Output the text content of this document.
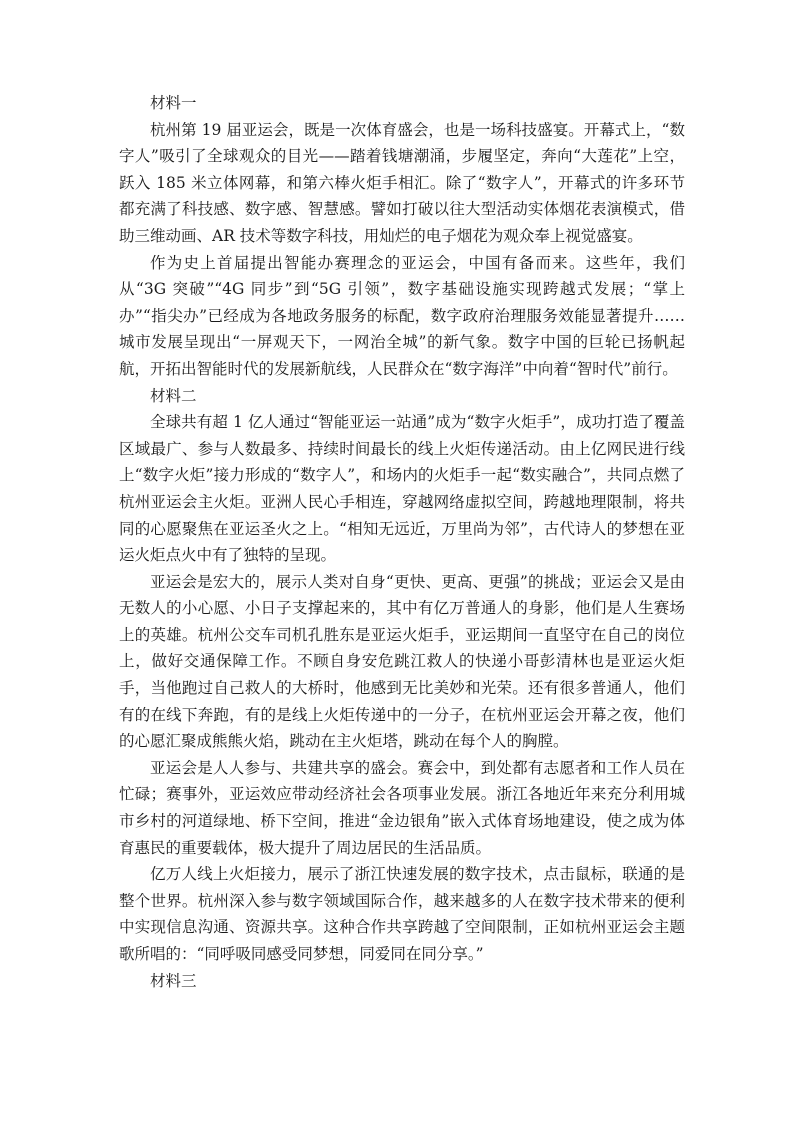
材料一

杭州第 19 届亚运会，既是一次体育盛会，也是一场科技盛宴。开幕式上，“数字人”吸引了全球观众的目光——踏着钱塘潮涌，步履坚定，奔向“大莲花”上空，跃入 185 米立体网幕，和第六棒火炬手相汇。除了“数字人”，开幕式的许多环节都充满了科技感、数字感、智慧感。譬如打破以往大型活动实体烟花表演模式，借助三维动画、AR 技术等数字科技，用灿烂的电子烟花为观众奉上视觉盛宴。

作为史上首届提出智能办赛理念的亚运会，中国有备而来。这些年，我们从“3G 突破”“4G 同步”到“5G 引领”，数字基础设施实现跨越式发展；“掌上办”“指尖办”已经成为各地政务服务的标配，数字政府治理服务效能显著提升……城市发展呈现出“一屏观天下，一网治全城”的新气象。数字中国的巨轮已扬帆起航，开拓出智能时代的发展新航线，人民群众在“数字海洋”中向着“智时代”前行。

材料二

全球共有超 1 亿人通过“智能亚运一站通”成为“数字火炬手”，成功打造了覆盖区域最广、参与人数最多、持续时间最长的线上火炬传递活动。由上亿网民进行线上“数字火炬”接力形成的“数字人”，和场内的火炬手一起“数实融合”，共同点燃了杭州亚运会主火炬。亚洲人民心手相连，穿越网络虚拟空间，跨越地理限制，将共同的心愿聚焦在亚运圣火之上。“相知无远近，万里尚为邻”，古代诗人的梦想在亚运火炬点火中有了独特的呈现。

亚运会是宏大的，展示人类对自身“更快、更高、更强”的挑战；亚运会又是由无数人的小心愿、小日子支撑起来的，其中有亿万普通人的身影，他们是人生赛场上的英雄。杭州公交车司机孔胜东是亚运火炬手，亚运期间一直坚守在自己的岗位上，做好交通保障工作。不顾自身安危跳江救人的快递小哥彭清林也是亚运火炬手，当他跑过自己救人的大桥时，他感到无比美妙和光荣。还有很多普通人，他们有的在线下奔跑，有的是线上火炬传递中的一分子，在杭州亚运会开幕之夜，他们的心愿汇聚成熊熊火焰，跳动在主火炬塔，跳动在每个人的胸膛。

亚运会是人人参与、共建共享的盛会。赛会中，到处都有志愿者和工作人员在忙碌；赛事外，亚运效应带动经济社会各项事业发展。浙江各地近年来充分利用城市乡村的河道绿地、桥下空间，推进“金边银角”嵌入式体育场地建设，使之成为体育惠民的重要载体，极大提升了周边居民的生活品质。

亿万人线上火炬接力，展示了浙江快速发展的数字技术，点击鼠标，联通的是整个世界。杭州深入参与数字领域国际合作，越来越多的人在数字技术带来的便利中实现信息沟通、资源共享。这种合作共享跨越了空间限制，正如杭州亚运会主题歌所唱的：“同呼吸同感受同梦想，同爱同在同分享。”

材料三
